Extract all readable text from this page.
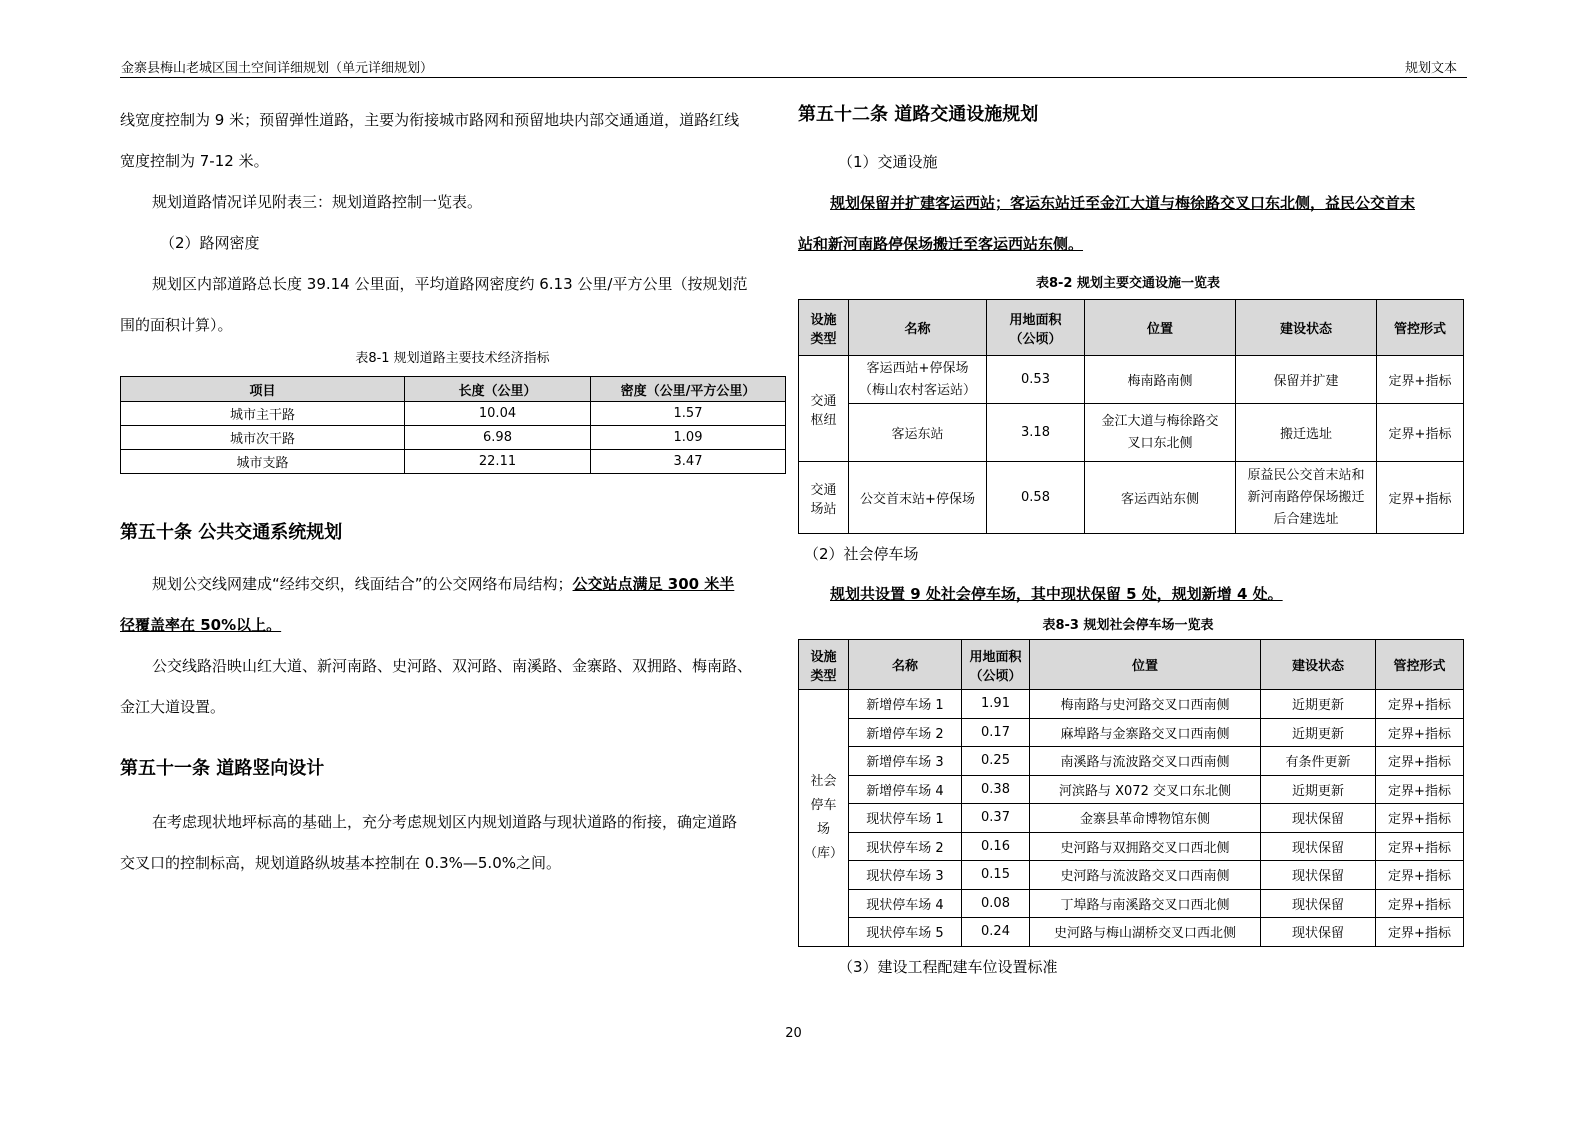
金寨县梅山老城区国土空间详细规划（单元详细规划）	规划文本

线宽度控制为 9 米；预留弹性道路，主要为衔接城市路网和预留地块内部交通通道，道路红线

宽度控制为 7-12 米。

规划道路情况详见附表三：规划道路控制一览表。

（2）路网密度

规划区内部道路总长度 39.14 公里面，平均道路网密度约 6.13 公里/平方公里（按规划范

围的面积计算）。

表8-1 规划道路主要技术经济指标

项目	长度（公里）	密度（公里/平方公里）
城市主干路	10.04	1.57
城市次干路	6.98	1.09
城市支路	22.11	3.47
第五十条 公共交通系统规划

规划公交线网建成“经纬交织，线面结合”的公交网络布局结构；公交站点满足 300 米半

径覆盖率在 50%以上。

公交线路沿映山红大道、新河南路、史河路、双河路、南溪路、金寨路、双拥路、梅南路、

金江大道设置。

第五十一条 道路竖向设计

在考虑现状地坪标高的基础上，充分考虑规划区内规划道路与现状道路的衔接，确定道路

交叉口的控制标高，规划道路纵坡基本控制在 0.3%—5.0%之间。

第五十二条 道路交通设施规划

（1）交通设施

规划保留并扩建客运西站；客运东站迁至金江大道与梅徐路交叉口东北侧，益民公交首末

站和新河南路停保场搬迁至客运西站东侧。

表8-2 规划主要交通设施一览表

设施
类型	名称	用地面积
（公顷）	位置	建设状态	管控形式
交通
枢纽	客运西站+停保场
（梅山农村客运站）	0.53	梅南路南侧	保留并扩建	定界+指标
	客运东站	3.18	金江大道与梅徐路交
叉口东北侧	搬迁选址	定界+指标
交通
场站	公交首末站+停保场	0.58	客运西站东侧	原益民公交首末站和
新河南路停保场搬迁
后合建选址	定界+指标

（2）社会停车场

规划共设置 9 处社会停车场，其中现状保留 5 处，规划新增 4 处。

表8-3 规划社会停车场一览表

设施
类型	名称	用地面积
（公顷）	位置	建设状态	管控形式
社会
停车
场
（库）	新增停车场 1	1.91	梅南路与史河路交叉口西南侧	近期更新	定界+指标
	新增停车场 2	0.17	麻埠路与金寨路交叉口西南侧	近期更新	定界+指标
	新增停车场 3	0.25	南溪路与流波路交叉口西南侧	有条件更新	定界+指标
	新增停车场 4	0.38	河滨路与 X072 交叉口东北侧	近期更新	定界+指标
	现状停车场 1	0.37	金寨县革命博物馆东侧	现状保留	定界+指标
	现状停车场 2	0.16	史河路与双拥路交叉口西北侧	现状保留	定界+指标
	现状停车场 3	0.15	史河路与流波路交叉口西南侧	现状保留	定界+指标
	现状停车场 4	0.08	丁埠路与南溪路交叉口西北侧	现状保留	定界+指标
	现状停车场 5	0.24	史河路与梅山湖桥交叉口西北侧	现状保留	定界+指标

（3）建设工程配建车位设置标准

20
